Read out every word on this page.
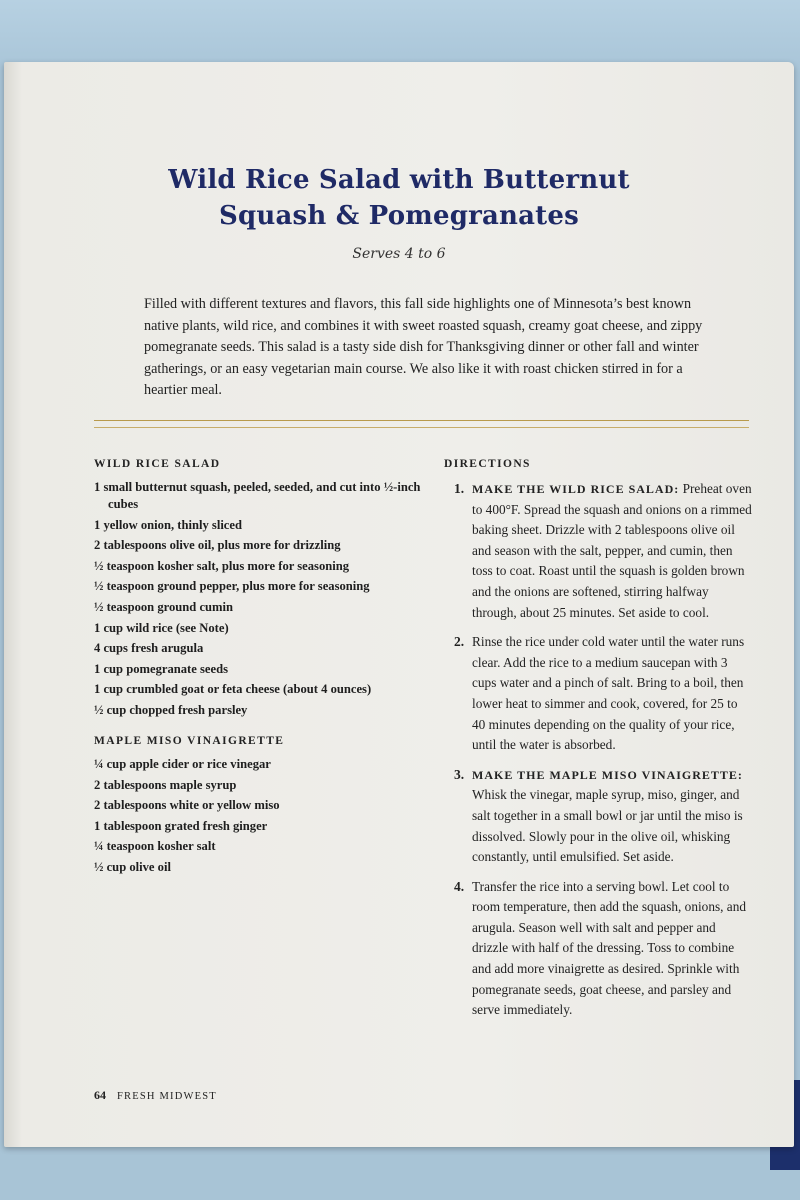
Wild Rice Salad with Butternut
Squash & Pomegranates
Serves 4 to 6

Filled with different textures and flavors, this fall side highlights one of Minnesota’s best known native plants, wild rice, and combines it with sweet roasted squash, creamy goat cheese, and zippy pomegranate seeds. This salad is a tasty side dish for Thanksgiving dinner or other fall and winter gatherings, or an easy vegetarian main course. We also like it with roast chicken stirred in for a heartier meal.

WILD RICE SALAD
1 small butternut squash, peeled, seeded, and cut into ½-inch cubes
1 yellow onion, thinly sliced
2 tablespoons olive oil, plus more for drizzling
½ teaspoon kosher salt, plus more for seasoning
½ teaspoon ground pepper, plus more for seasoning
½ teaspoon ground cumin
1 cup wild rice (see Note)
4 cups fresh arugula
1 cup pomegranate seeds
1 cup crumbled goat or feta cheese (about 4 ounces)
½ cup chopped fresh parsley
MAPLE MISO VINAIGRETTE
¼ cup apple cider or rice vinegar
2 tablespoons maple syrup
2 tablespoons white or yellow miso
1 tablespoon grated fresh ginger
¼ teaspoon kosher salt
½ cup olive oil
DIRECTIONS
1. MAKE THE WILD RICE SALAD: Preheat oven to 400°F. Spread the squash and onions on a rimmed baking sheet. Drizzle with 2 tablespoons olive oil and season with the salt, pepper, and cumin, then toss to coat. Roast until the squash is golden brown and the onions are softened, stirring halfway through, about 25 minutes. Set aside to cool.
2. Rinse the rice under cold water until the water runs clear. Add the rice to a medium saucepan with 3 cups water and a pinch of salt. Bring to a boil, then lower heat to simmer and cook, covered, for 25 to 40 minutes depending on the quality of your rice, until the water is absorbed.
3. MAKE THE MAPLE MISO VINAIGRETTE: Whisk the vinegar, maple syrup, miso, ginger, and salt together in a small bowl or jar until the miso is dissolved. Slowly pour in the olive oil, whisking constantly, until emulsified. Set aside.
4. Transfer the rice into a serving bowl. Let cool to room temperature, then add the squash, onions, and arugula. Season well with salt and pepper and drizzle with half of the dressing. Toss to combine and add more vinaigrette as desired. Sprinkle with pomegranate seeds, goat cheese, and parsley and serve immediately.
64 FRESH MIDWEST
